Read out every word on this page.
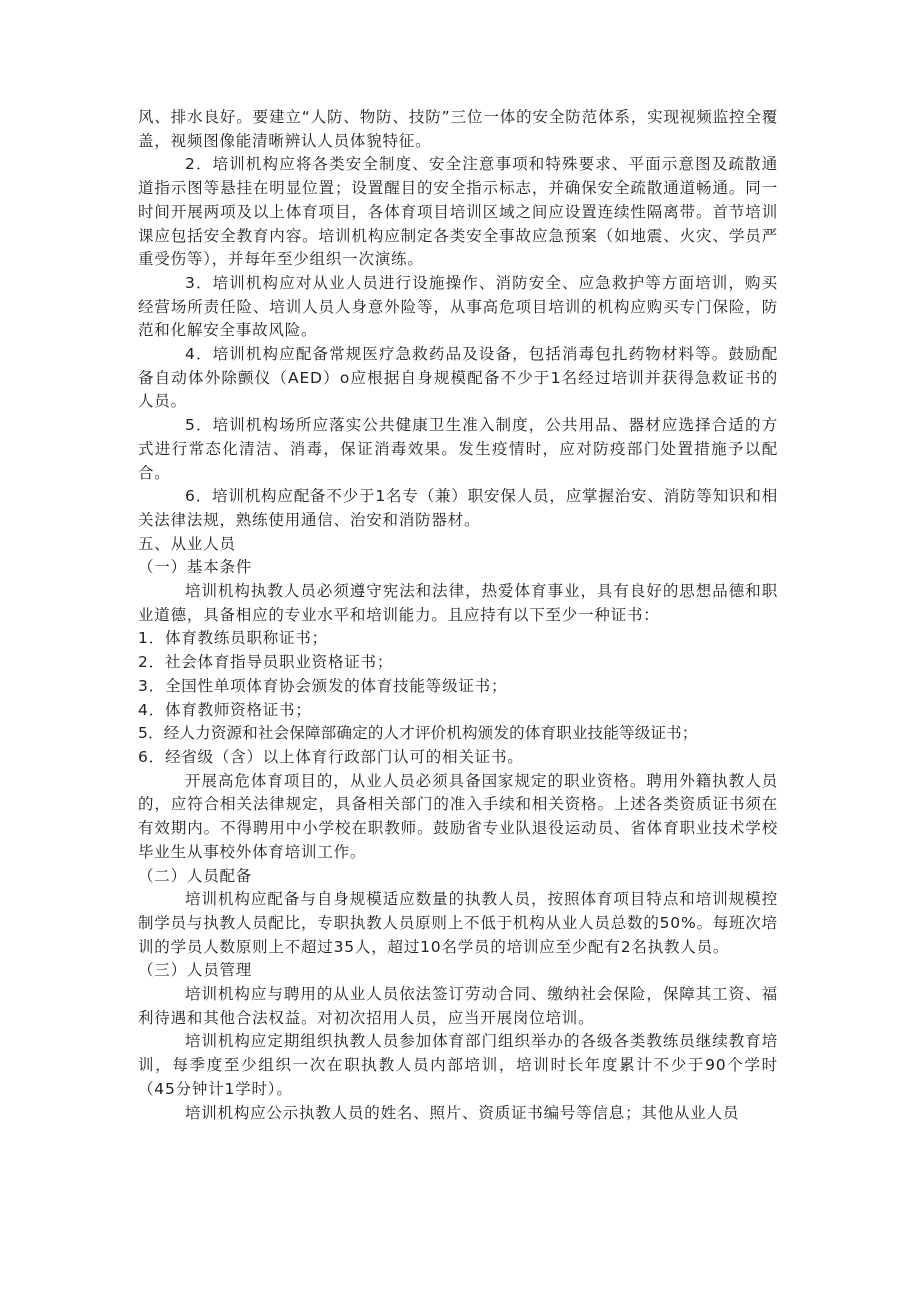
风、排水良好。要建立“人防、物防、技防”三位一体的安全防范体系，实现视频监控全覆盖，视频图像能清晰辨认人员体貌特征。

2．培训机构应将各类安全制度、安全注意事项和特殊要求、平面示意图及疏散通道指示图等悬挂在明显位置；设置醒目的安全指示标志，并确保安全疏散通道畅通。同一时间开展两项及以上体育项目，各体育项目培训区域之间应设置连续性隔离带。首节培训课应包括安全教育内容。培训机构应制定各类安全事故应急预案（如地震、火灾、学员严重受伤等），并每年至少组织一次演练。

3．培训机构应对从业人员进行设施操作、消防安全、应急救护等方面培训，购买经营场所责任险、培训人员人身意外险等，从事高危项目培训的机构应购买专门保险，防范和化解安全事故风险。

4．培训机构应配备常规医疗急救药品及设备，包括消毒包扎药物材料等。鼓励配备自动体外除颤仪（AED）o应根据自身规模配备不少于1名经过培训并获得急救证书的人员。

5．培训机构场所应落实公共健康卫生准入制度，公共用品、器材应选择合适的方式进行常态化清洁、消毒，保证消毒效果。发生疫情时，应对防疫部门处置措施予以配合。

6．培训机构应配备不少于1名专（兼）职安保人员，应掌握治安、消防等知识和相关法律法规，熟练使用通信、治安和消防器材。

五、从业人员

（一）基本条件

培训机构执教人员必须遵守宪法和法律，热爱体育事业，具有良好的思想品德和职业道德，具备相应的专业水平和培训能力。且应持有以下至少一种证书：

1．体育教练员职称证书；

2．社会体育指导员职业资格证书；

3．全国性单项体育协会颁发的体育技能等级证书；

4．体育教师资格证书；

5．经人力资源和社会保障部确定的人才评价机构颁发的体育职业技能等级证书；

6．经省级（含）以上体育行政部门认可的相关证书。

开展高危体育项目的，从业人员必须具备国家规定的职业资格。聘用外籍执教人员的，应符合相关法律规定，具备相关部门的准入手续和相关资格。上述各类资质证书须在有效期内。不得聘用中小学校在职教师。鼓励省专业队退役运动员、省体育职业技术学校毕业生从事校外体育培训工作。

（二）人员配备

培训机构应配备与自身规模适应数量的执教人员，按照体育项目特点和培训规模控制学员与执教人员配比，专职执教人员原则上不低于机构从业人员总数的50%。每班次培训的学员人数原则上不超过35人，超过10名学员的培训应至少配有2名执教人员。

（三）人员管理

培训机构应与聘用的从业人员依法签订劳动合同、缴纳社会保险，保障其工资、福利待遇和其他合法权益。对初次招用人员，应当开展岗位培训。

培训机构应定期组织执教人员参加体育部门组织举办的各级各类教练员继续教育培训，每季度至少组织一次在职执教人员内部培训，培训时长年度累计不少于90个学时（45分钟计1学时）。

培训机构应公示执教人员的姓名、照片、资质证书编号等信息；其他从业人员
